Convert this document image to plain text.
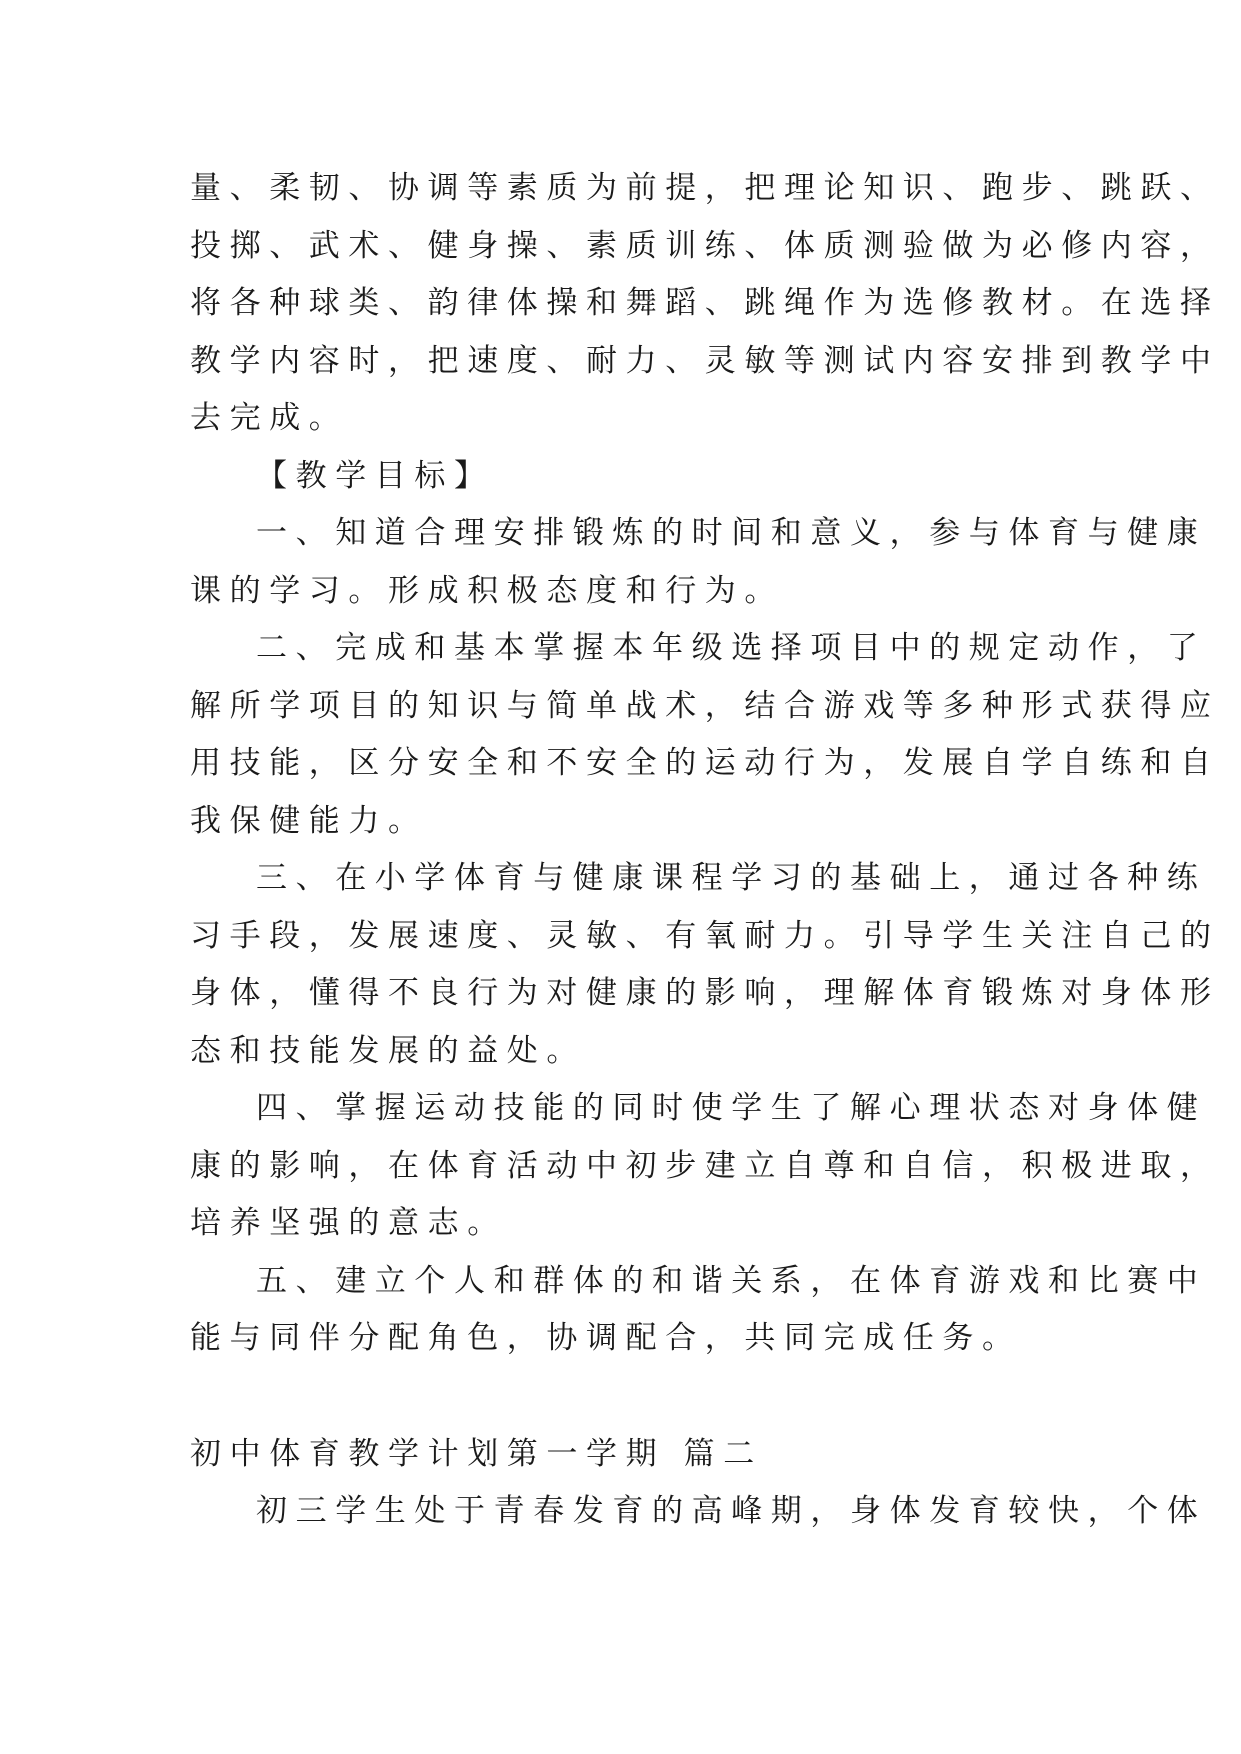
量、柔韧、协调等素质为前提，把理论知识、跑步、跳跃、
投掷、武术、健身操、素质训练、体质测验做为必修内容，
将各种球类、韵律体操和舞蹈、跳绳作为选修教材。在选择
教学内容时，把速度、耐力、灵敏等测试内容安排到教学中
去完成。
【教学目标】
一、知道合理安排锻炼的时间和意义，参与体育与健康
课的学习。形成积极态度和行为。
二、完成和基本掌握本年级选择项目中的规定动作，了
解所学项目的知识与简单战术，结合游戏等多种形式获得应
用技能，区分安全和不安全的运动行为，发展自学自练和自
我保健能力。
三、在小学体育与健康课程学习的基础上，通过各种练
习手段，发展速度、灵敏、有氧耐力。引导学生关注自己的
身体，懂得不良行为对健康的影响，理解体育锻炼对身体形
态和技能发展的益处。
四、掌握运动技能的同时使学生了解心理状态对身体健
康的影响，在体育活动中初步建立自尊和自信，积极进取，
培养坚强的意志。
五、建立个人和群体的和谐关系，在体育游戏和比赛中
能与同伴分配角色，协调配合，共同完成任务。
初中体育教学计划第一学期 篇二
初三学生处于青春发育的高峰期，身体发育较快，个体
